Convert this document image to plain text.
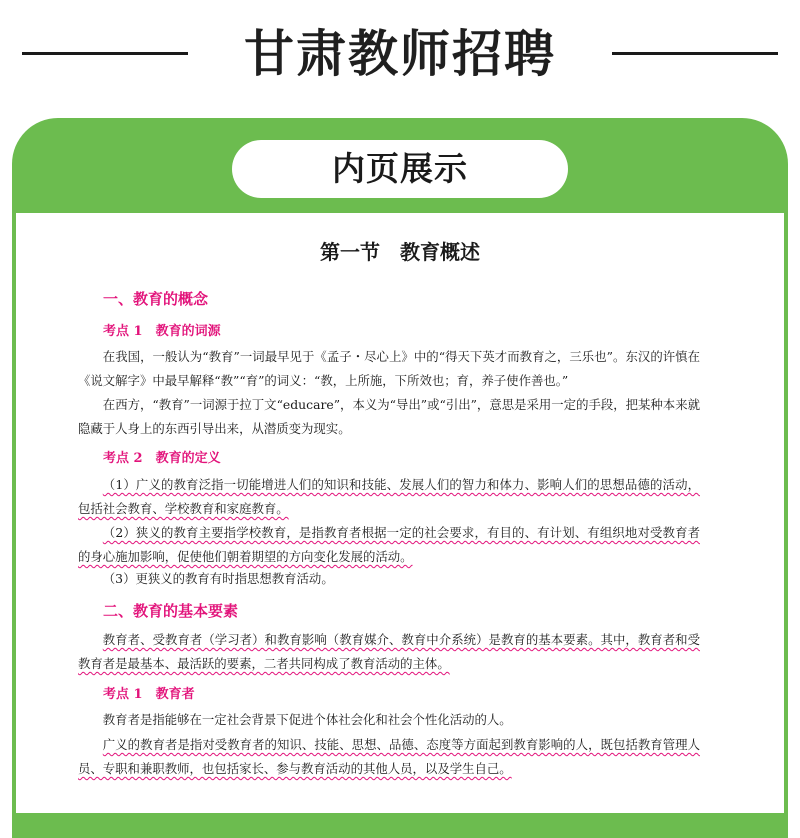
甘肃教师招聘
内页展示
第一节　教育概述
一、教育的概念
考点 1　教育的词源
在我国，一般认为“教育”一词最早见于《孟子・尽心上》中的“得天下英才而教育之，三乐也”。东汉的许慎在《说文解字》中最早解释“教”“育”的词义：“教，上所施，下所效也；育，养子使作善也。”
在西方，“教育”一词源于拉丁文“educare”，本义为“导出”或“引出”，意思是采用一定的手段，把某种本来就隐藏于人身上的东西引导出来，从潜质变为现实。
考点 2　教育的定义
（1）广义的教育泛指一切能增进人们的知识和技能、发展人们的智力和体力、影响人们的思想品德的活动，包括社会教育、学校教育和家庭教育。
（2）狭义的教育主要指学校教育，是指教育者根据一定的社会要求，有目的、有计划、有组织地对受教育者的身心施加影响，促使他们朝着期望的方向变化发展的活动。
（3）更狭义的教育有时指思想教育活动。
二、教育的基本要素
教育者、受教育者（学习者）和教育影响（教育媒介、教育中介系统）是教育的基本要素。其中，教育者和受教育者是最基本、最活跃的要素，二者共同构成了教育活动的主体。
考点 1　教育者
教育者是指能够在一定社会背景下促进个体社会化和社会个性化活动的人。
广义的教育者是指对受教育者的知识、技能、思想、品德、态度等方面起到教育影响的人，既包括教育管理人员、专职和兼职教师，也包括家长、参与教育活动的其他人员，以及学生自己。
